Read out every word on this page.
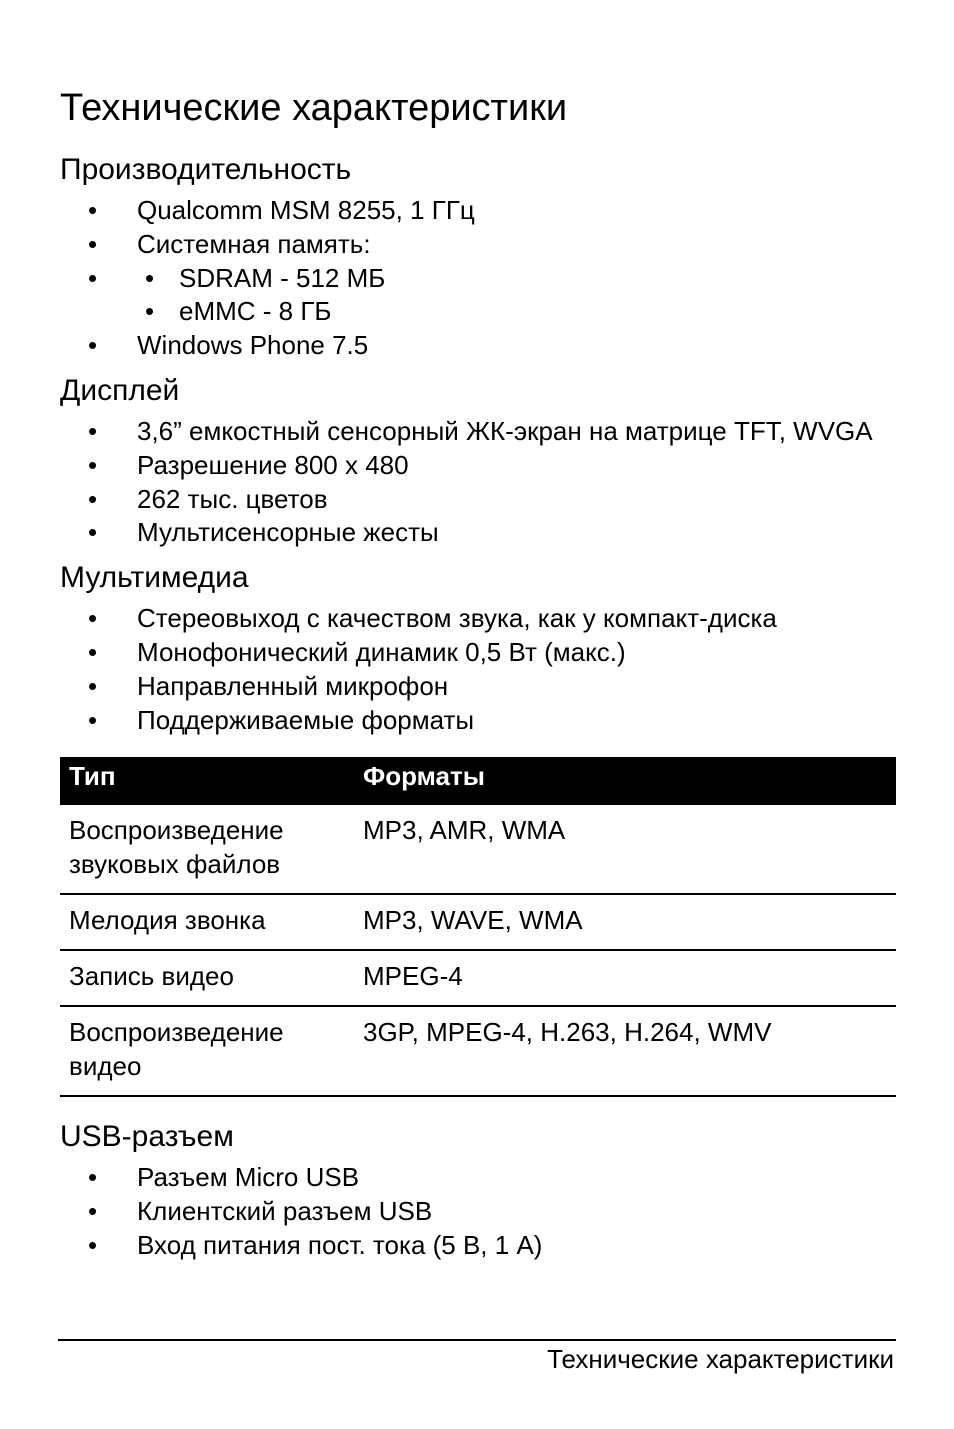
Технические характеристики
Производительность
• Qualcomm MSM 8255, 1 ГГц
• Системная память:
• • SDRAM - 512 МБ
• eMMC - 8 ГБ
• Windows Phone 7.5
Дисплей
• 3,6” емкостный сенсорный ЖК-экран на матрице TFT, WVGA
• Разрешение 800 x 480
• 262 тыс. цветов
• Мультисенсорные жесты
Мультимедиа
• Стереовыход с качеством звука, как у компакт-диска
• Монофонический динамик 0,5 Вт (макс.)
• Направленный микрофон
• Поддерживаемые форматы
Тип	Форматы
Воспроизведение звуковых файлов	MP3, AMR, WMA
Мелодия звонка	MP3, WAVE, WMA
Запись видео	MPEG-4
Воспроизведение видео	3GP, MPEG-4, H.263, H.264, WMV
USB-разъем
• Разъем Micro USB
• Клиентский разъем USB
• Вход питания пост. тока (5 В, 1 А)
Технические характеристики
